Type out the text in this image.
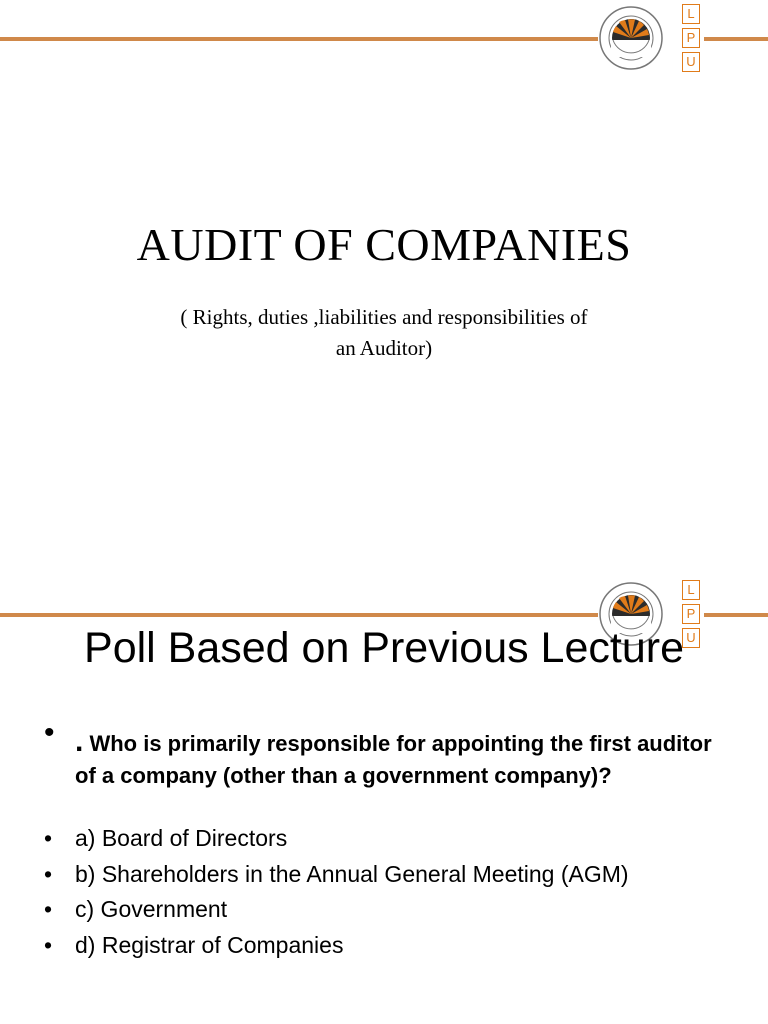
L
P
U
AUDIT OF COMPANIES
( Rights, duties ,liabilities and responsibilities of
an Auditor)
L
P
U
Poll Based on Previous Lecture
• . Who is primarily responsible for appointing the first auditor of a company (other than a government company)?
• a) Board of Directors
• b) Shareholders in the Annual General Meeting (AGM)
• c) Government
• d) Registrar of Companies
